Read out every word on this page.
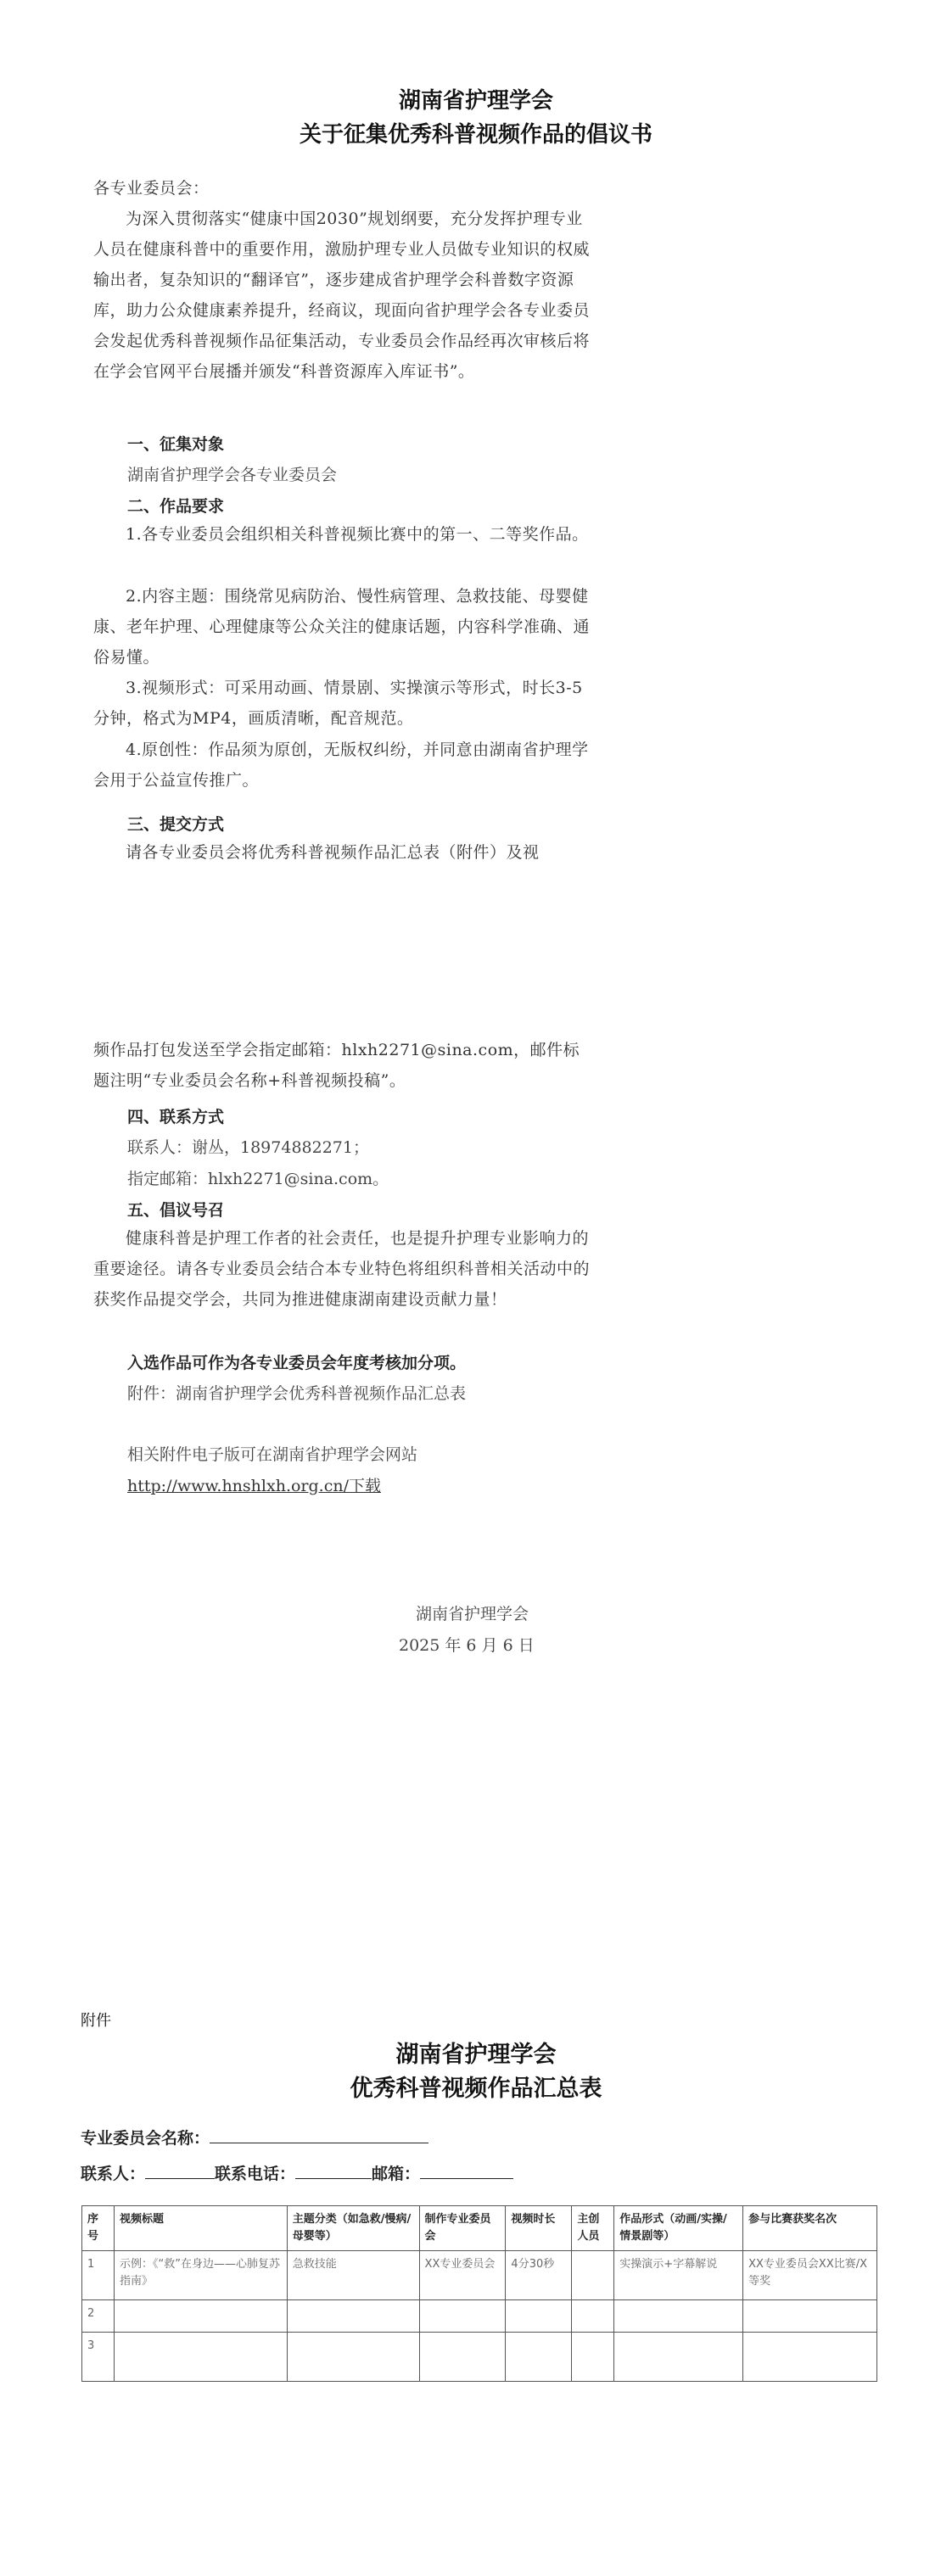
湖南省护理学会
关于征集优秀科普视频作品的倡议书
各专业委员会：
为深入贯彻落实“健康中国2030”规划纲要，充分发挥护理专业人员在健康科普中的重要作用，激励护理专业人员做专业知识的权威输出者，复杂知识的“翻译官”，逐步建成省护理学会科普数字资源库，助力公众健康素养提升，经商议，现面向省护理学会各专业委员会发起优秀科普视频作品征集活动，专业委员会作品经再次审核后将在学会官网平台展播并颁发“科普资源库入库证书”。
一、征集对象
湖南省护理学会各专业委员会
二、作品要求
1.各专业委员会组织相关科普视频比赛中的第一、二等奖作品。
2.内容主题：围绕常见病防治、慢性病管理、急救技能、母婴健康、老年护理、心理健康等公众关注的健康话题，内容科学准确、通俗易懂。
3.视频形式：可采用动画、情景剧、实操演示等形式，时长3-5分钟，格式为MP4，画质清晰，配音规范。
4.原创性：作品须为原创，无版权纠纷，并同意由湖南省护理学会用于公益宣传推广。
三、提交方式
请各专业委员会将优秀科普视频作品汇总表（附件）及视
频作品打包发送至学会指定邮箱：hlxh2271@sina.com，邮件标题注明“专业委员会名称+科普视频投稿”。
四、联系方式
联系人：谢丛，18974882271；
指定邮箱：hlxh2271@sina.com。
五、倡议号召
健康科普是护理工作者的社会责任，也是提升护理专业影响力的重要途径。请各专业委员会结合本专业特色将组织科普相关活动中的获奖作品提交学会，共同为推进健康湖南建设贡献力量！
入选作品可作为各专业委员会年度考核加分项。
附件：湖南省护理学会优秀科普视频作品汇总表
相关附件电子版可在湖南省护理学会网站
http://www.hnshlxh.org.cn/下载
湖南省护理学会
2025 年 6 月 6 日
附件
湖南省护理学会
优秀科普视频作品汇总表
专业委员会名称：
联系人：	联系电话：	邮箱：
序号	视频标题	主题分类（如急救/慢病/母婴等）	制作专业委员会	视频时长	主创人员	作品形式（动画/实操/情景剧等）	参与比赛获奖名次
1	示例：《“救”在身边——心肺复苏指南》	急救技能	XX专业委员会	4分30秒		实操演示+字幕解说	XX专业委员会XX比赛/X等奖
2							
3							
